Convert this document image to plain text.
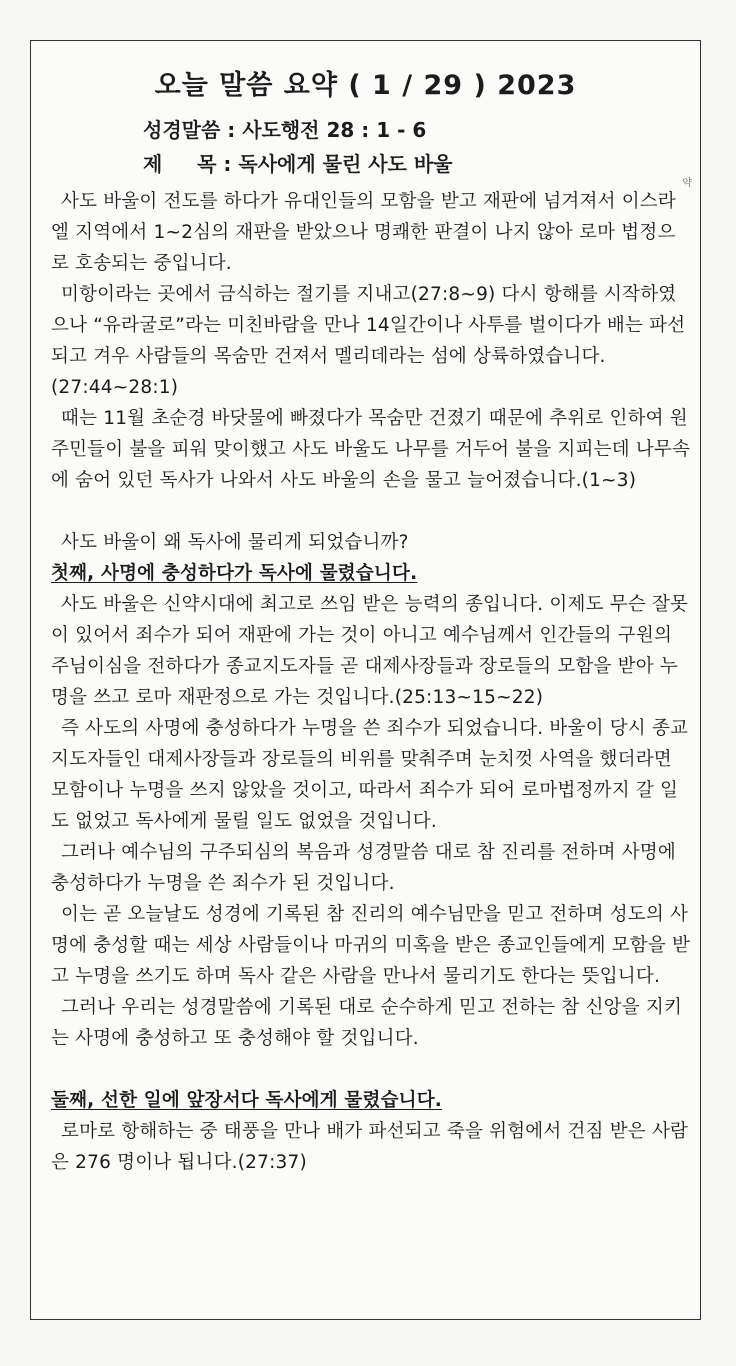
오늘 말씀 요약 ( 1 / 29 ) 2023
성경말씀 : 사도행전 28 : 1 - 6
제     목 : 독사에게 물린 사도 바울
약

사도 바울이 전도를 하다가 유대인들의 모함을 받고 재판에 넘겨져서 이스라엘 지역에서 1~2심의 재판을 받았으나 명쾌한 판결이 나지 않아 로마 법정으로 호송되는 중입니다.

미항이라는 곳에서 금식하는 절기를 지내고(27:8~9) 다시 항해를 시작하였으나 “유라굴로”라는 미친바람을 만나 14일간이나 사투를 벌이다가 배는 파선되고 겨우 사람들의 목숨만 건져서 멜리데라는 섬에 상륙하였습니다.(27:44~28:1)

때는 11월 초순경 바닷물에 빠졌다가 목숨만 건졌기 때문에 추위로 인하여 원주민들이 불을 피워 맞이했고 사도 바울도 나무를 거두어 불을 지피는데 나무속에 숨어 있던 독사가 나와서 사도 바울의 손을 물고 늘어졌습니다.(1~3)

사도 바울이 왜 독사에 물리게 되었습니까?

첫째, 사명에 충성하다가 독사에 물렸습니다.

사도 바울은 신약시대에 최고로 쓰임 받은 능력의 종입니다. 이제도 무슨 잘못이 있어서 죄수가 되어 재판에 가는 것이 아니고 예수님께서 인간들의 구원의 주님이심을 전하다가 종교지도자들 곧 대제사장들과 장로들의 모함을 받아 누명을 쓰고 로마 재판정으로 가는 것입니다.(25:13~15~22)

즉 사도의 사명에 충성하다가 누명을 쓴 죄수가 되었습니다. 바울이 당시 종교지도자들인 대제사장들과 장로들의 비위를 맞춰주며 눈치껏 사역을 했더라면 모함이나 누명을 쓰지 않았을 것이고, 따라서 죄수가 되어 로마법정까지 갈 일도 없었고 독사에게 물릴 일도 없었을 것입니다.

그러나 예수님의 구주되심의 복음과 성경말씀 대로 참 진리를 전하며 사명에 충성하다가 누명을 쓴 죄수가 된 것입니다.

이는 곧 오늘날도 성경에 기록된 참 진리의 예수님만을 믿고 전하며 성도의 사명에 충성할 때는 세상 사람들이나 마귀의 미혹을 받은 종교인들에게 모함을 받고 누명을 쓰기도 하며 독사 같은 사람을 만나서 물리기도 한다는 뜻입니다.

그러나 우리는 성경말씀에 기록된 대로 순수하게 믿고 전하는 참 신앙을 지키는 사명에 충성하고 또 충성해야 할 것입니다.

둘째, 선한 일에 앞장서다 독사에게 물렸습니다.

로마로 항해하는 중 태풍을 만나 배가 파선되고 죽을 위험에서 건짐 받은 사람은 276 명이나 됩니다.(27:37)
